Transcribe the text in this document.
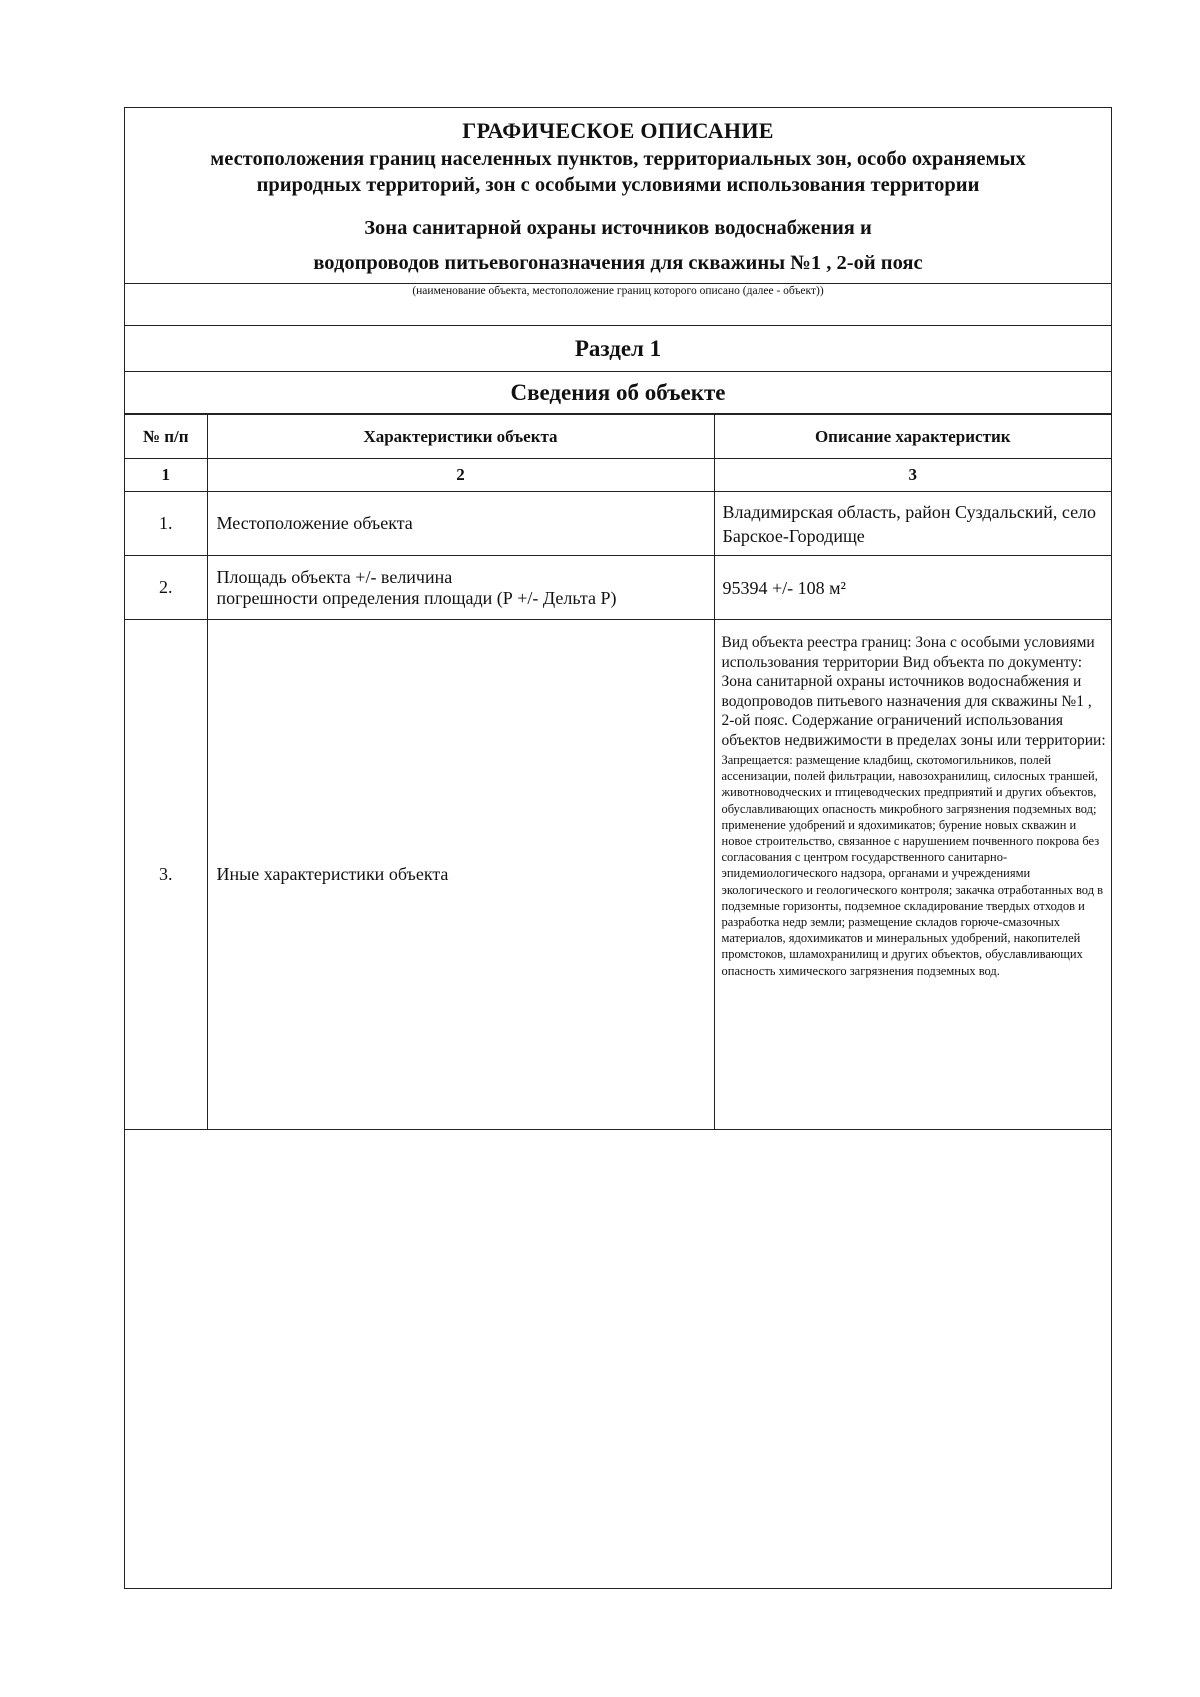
ГРАФИЧЕСКОЕ ОПИСАНИЕ
местоположения границ населенных пунктов, территориальных зон, особо охраняемых
природных территорий, зон с особыми условиями использования территории
Зона санитарной охраны источников водоснабжения и
водопроводов питьевогоназначения для скважины №1 , 2-ой пояс
(наименование объекта, местоположение границ которого описано (далее - объект))
Раздел 1
Сведения об объекте
№ п/п	Характеристики объекта	Описание характеристик
1	2	3
1.	Местоположение объекта	Владимирская область, район Суздальский, село Барское-Городище
2.	Площадь объекта +/- величина
погрешности определения площади (Р +/- Дельта Р)	95394 +/- 108 м²
3.	Иные характеристики объекта	Вид объекта реестра границ: Зона с особыми условиями использования территории Вид объекта по документу: Зона санитарной охраны источников водоснабжения и водопроводов питьевого назначения для скважины №1 , 2-ой пояс. Содержание ограничений использования объектов недвижимости в пределах зоны или территории:

Запрещается: размещение кладбищ, скотомогильников, полей ассенизации, полей фильтрации, навозохранилищ, силосных траншей, животноводческих и птицеводческих предприятий и других объектов, обуславливающих опасность микробного загрязнения подземных вод; применение удобрений и ядохимикатов; бурение новых скважин и новое строительство, связанное с нарушением почвенного покрова без согласования с центром государственного санитарно-эпидемиологического надзора, органами и учреждениями экологического и геологического контроля; закачка отработанных вод в подземные горизонты, подземное складирование твердых отходов и разработка недр земли; размещение складов горюче-смазочных материалов, ядохимикатов и минеральных удобрений, накопителей промстоков, шламохранилищ и других объектов, обуславливающих опасность химического загрязнения подземных вод.
